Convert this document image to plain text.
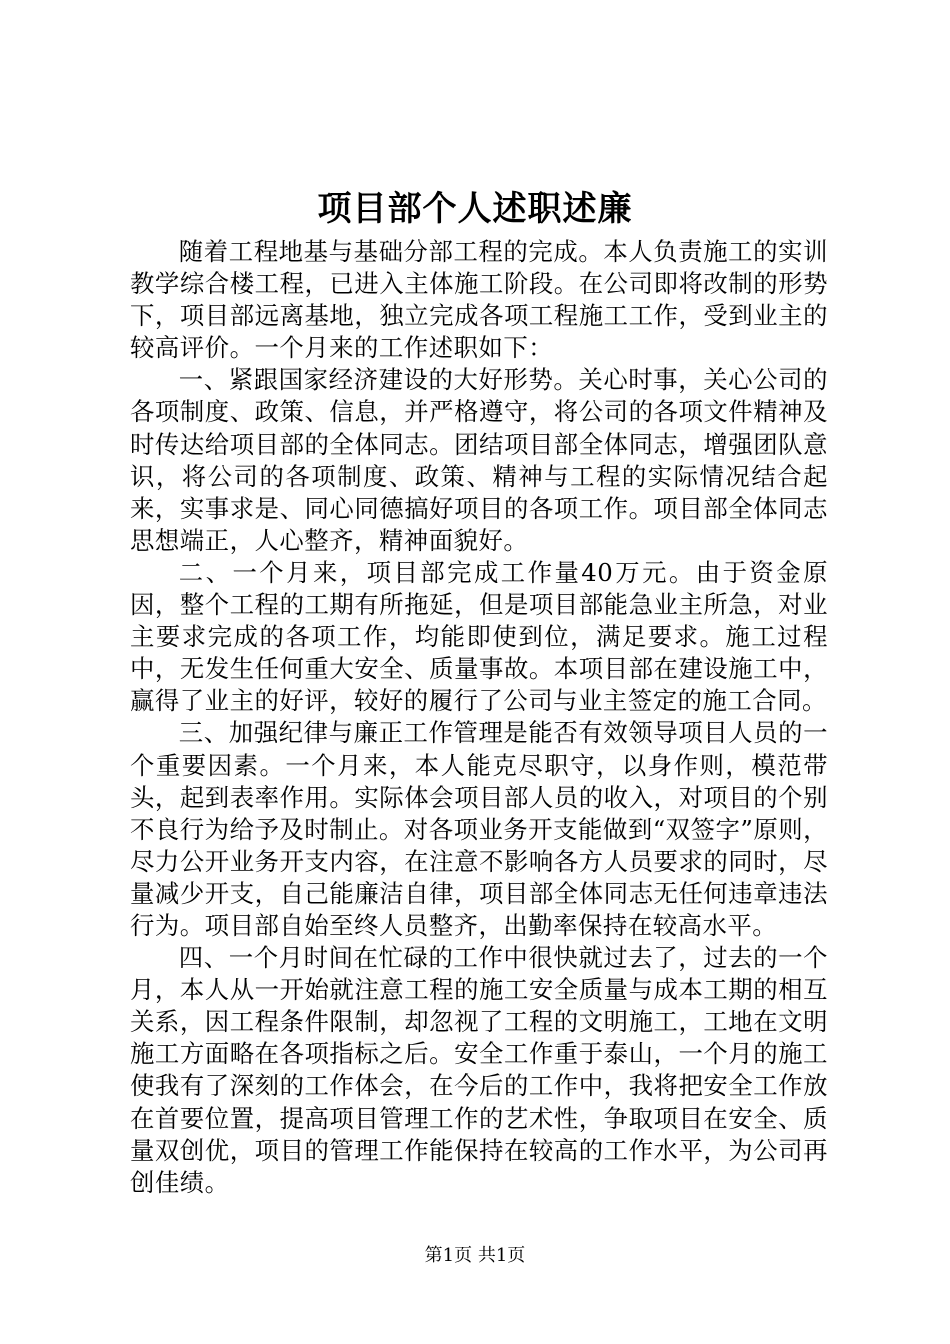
项目部个人述职述廉

随着工程地基与基础分部工程的完成。本人负责施工的实训教学综合楼工程，已进入主体施工阶段。在公司即将改制的形势下，项目部远离基地，独立完成各项工程施工工作，受到业主的较高评价。一个月来的工作述职如下：

一、紧跟国家经济建设的大好形势。关心时事，关心公司的各项制度、政策、信息，并严格遵守，将公司的各项文件精神及时传达给项目部的全体同志。团结项目部全体同志，增强团队意识，将公司的各项制度、政策、精神与工程的实际情况结合起来，实事求是、同心同德搞好项目的各项工作。项目部全体同志思想端正，人心整齐，精神面貌好。

二、一个月来，项目部完成工作量40万元。由于资金原因，整个工程的工期有所拖延，但是项目部能急业主所急，对业主要求完成的各项工作，均能即使到位，满足要求。施工过程中，无发生任何重大安全、质量事故。本项目部在建设施工中，赢得了业主的好评，较好的履行了公司与业主签定的施工合同。

三、加强纪律与廉正工作管理是能否有效领导项目人员的一个重要因素。一个月来，本人能克尽职守，以身作则，模范带头，起到表率作用。实际体会项目部人员的收入，对项目的个别不良行为给予及时制止。对各项业务开支能做到“双签字”原则，尽力公开业务开支内容，在注意不影响各方人员要求的同时，尽量减少开支，自己能廉洁自律，项目部全体同志无任何违章违法行为。项目部自始至终人员整齐，出勤率保持在较高水平。

四、一个月时间在忙碌的工作中很快就过去了，过去的一个月，本人从一开始就注意工程的施工安全质量与成本工期的相互关系，因工程条件限制，却忽视了工程的文明施工，工地在文明施工方面略在各项指标之后。安全工作重于泰山，一个月的施工使我有了深刻的工作体会，在今后的工作中，我将把安全工作放在首要位置，提高项目管理工作的艺术性，争取项目在安全、质量双创优，项目的管理工作能保持在较高的工作水平，为公司再创佳绩。

第1页 共1页
